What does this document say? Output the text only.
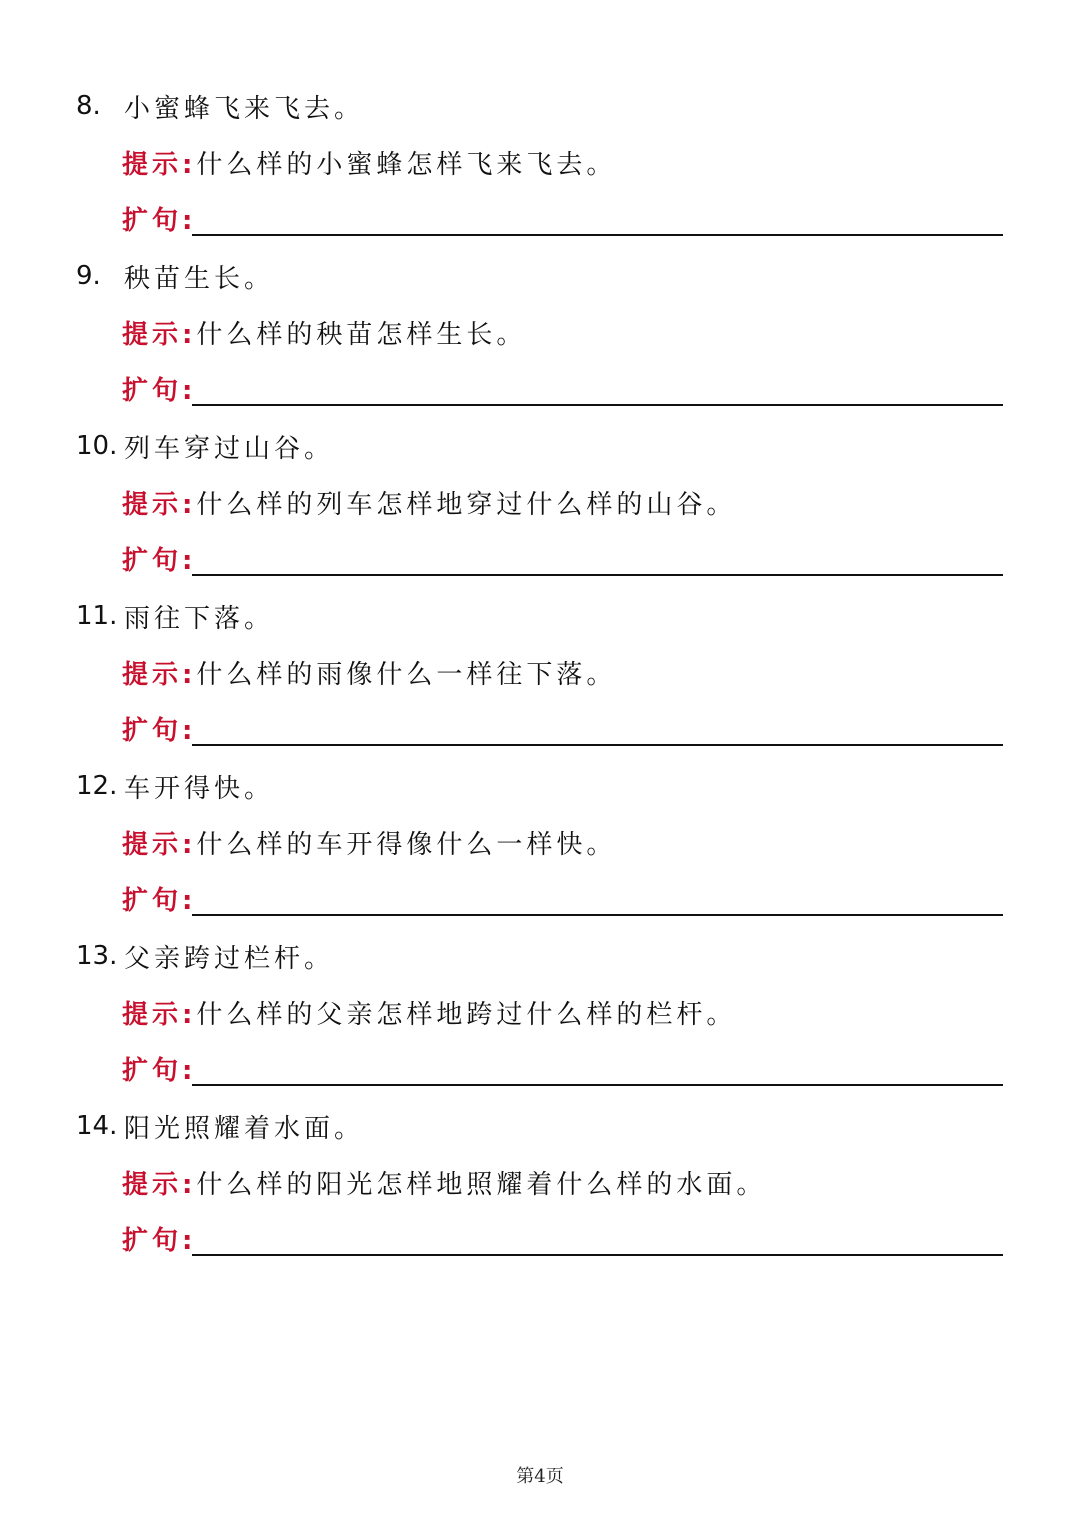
8. 小蜜蜂飞来飞去。
提示: 什么样的小蜜蜂怎样飞来飞去。
扩句:
9. 秧苗生长。
提示: 什么样的秧苗怎样生长。
扩句:
10. 列车穿过山谷。
提示: 什么样的列车怎样地穿过什么样的山谷。
扩句:
11. 雨往下落。
提示: 什么样的雨像什么一样往下落。
扩句:
12. 车开得快。
提示: 什么样的车开得像什么一样快。
扩句:
13. 父亲跨过栏杆。
提示: 什么样的父亲怎样地跨过什么样的栏杆。
扩句:
14. 阳光照耀着水面。
提示: 什么样的阳光怎样地照耀着什么样的水面。
扩句:
第4页
